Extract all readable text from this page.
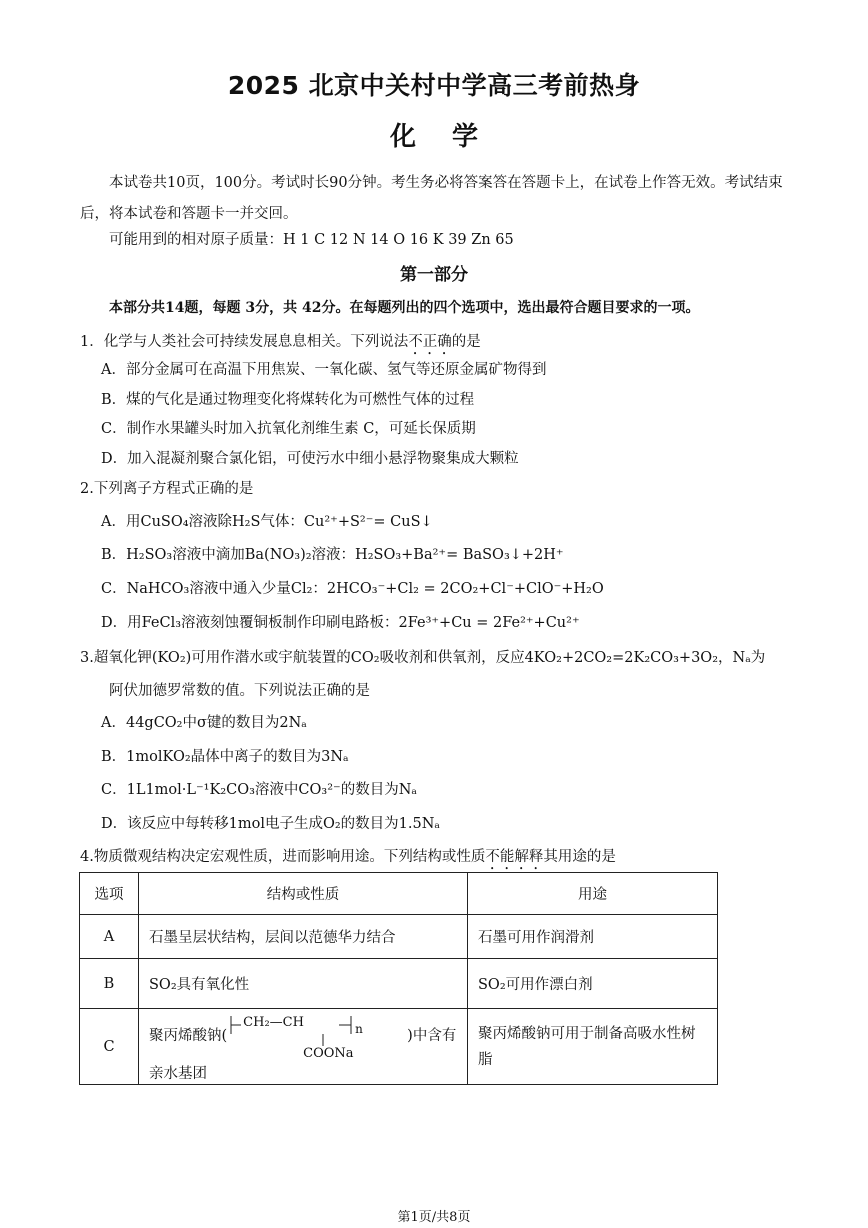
2025 北京中关村中学高三考前热身
化学
本试卷共10页，100分。考试时长90分钟。考生务必将答案答在答题卡上，在试卷上作答无效。考试结束后，将本试卷和答题卡一并交回。
可能用到的相对原子质量：H 1 C 12 N 14 O 16 K 39 Zn 65
第一部分
本部分共14题，每题 3分，共 42分。在每题列出的四个选项中，选出最符合题目要求的一项。
1．化学与人类社会可持续发展息息相关。下列说法不正确的是
A．部分金属可在高温下用焦炭、一氧化碳、氢气等还原金属矿物得到
B．煤的气化是通过物理变化将煤转化为可燃性气体的过程
C．制作水果罐头时加入抗氧化剂维生素 C，可延长保质期
D．加入混凝剂聚合氯化铝，可使污水中细小悬浮物聚集成大颗粒
2.下列离子方程式正确的是
A．用CuSO₄溶液除H₂S气体：Cu²⁺+S²⁻= CuS↓
B．H₂SO₃溶液中滴加Ba(NO₃)₂溶液：H₂SO₃+Ba²⁺= BaSO₃↓+2H⁺
C．NaHCO₃溶液中通入少量Cl₂：2HCO₃⁻+Cl₂ = 2CO₂+Cl⁻+ClO⁻+H₂O
D．用FeCl₃溶液刻蚀覆铜板制作印刷电路板：2Fe³⁺+Cu = 2Fe²⁺+Cu²⁺
3.超氧化钾(KO₂)可用作潜水或宇航装置的CO₂吸收剂和供氧剂，反应4KO₂+2CO₂=2K₂CO₃+3O₂，Nₐ为
阿伏加德罗常数的值。下列说法正确的是
A．44gCO₂中σ键的数目为2Nₐ
B．1molKO₂晶体中离子的数目为3Nₐ
C．1L1mol·L⁻¹K₂CO₃溶液中CO₃²⁻的数目为Nₐ
D．该反应中每转移1mol电子生成O₂的数目为1.5Nₐ
4.物质微观结构决定宏观性质，进而影响用途。下列结构或性质不能解释其用途的是
选项	结构或性质	用途
A	石墨呈层状结构，层间以范德华力结合	石墨可用作润滑剂
B	SO₂具有氧化性	SO₂可用作漂白剂
C	聚丙烯酸钠(
CH₂—CH n
COONa
)中含有亲水基团	聚丙烯酸钠可用于制备高吸水性树脂
第1页/共8页
